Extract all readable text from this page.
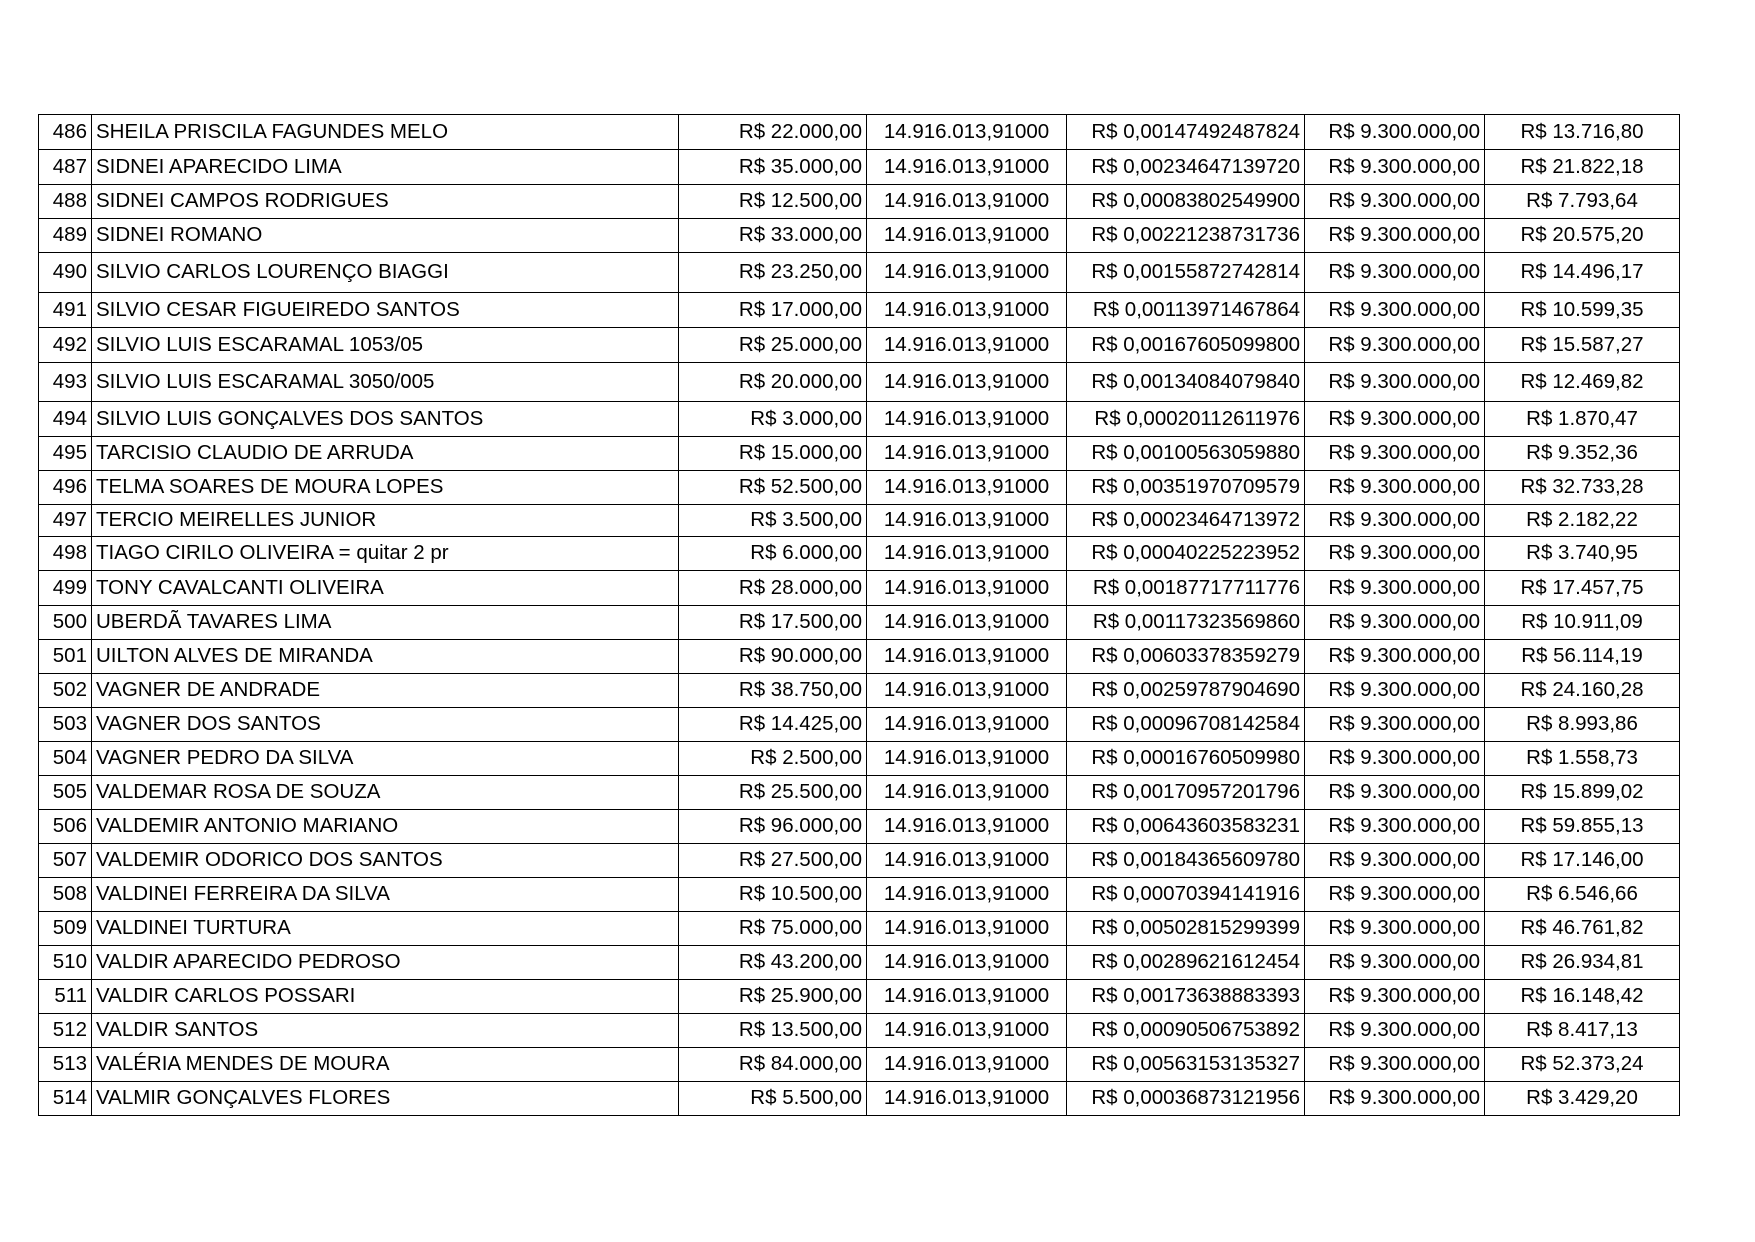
486	SHEILA PRISCILA FAGUNDES MELO	R$ 22.000,00	14.916.013,91000	R$ 0,00147492487824	R$ 9.300.000,00	R$ 13.716,80
487	SIDNEI APARECIDO LIMA	R$ 35.000,00	14.916.013,91000	R$ 0,00234647139720	R$ 9.300.000,00	R$ 21.822,18
488	SIDNEI CAMPOS RODRIGUES	R$ 12.500,00	14.916.013,91000	R$ 0,00083802549900	R$ 9.300.000,00	R$ 7.793,64
489	SIDNEI ROMANO	R$ 33.000,00	14.916.013,91000	R$ 0,00221238731736	R$ 9.300.000,00	R$ 20.575,20
490	SILVIO CARLOS LOURENÇO BIAGGI	R$ 23.250,00	14.916.013,91000	R$ 0,00155872742814	R$ 9.300.000,00	R$ 14.496,17
491	SILVIO CESAR FIGUEIREDO SANTOS	R$ 17.000,00	14.916.013,91000	R$ 0,00113971467864	R$ 9.300.000,00	R$ 10.599,35
492	SILVIO LUIS ESCARAMAL 1053/05	R$ 25.000,00	14.916.013,91000	R$ 0,00167605099800	R$ 9.300.000,00	R$ 15.587,27
493	SILVIO LUIS ESCARAMAL 3050/005	R$ 20.000,00	14.916.013,91000	R$ 0,00134084079840	R$ 9.300.000,00	R$ 12.469,82
494	SILVIO LUIS GONÇALVES DOS SANTOS	R$ 3.000,00	14.916.013,91000	R$ 0,00020112611976	R$ 9.300.000,00	R$ 1.870,47
495	TARCISIO CLAUDIO DE ARRUDA	R$ 15.000,00	14.916.013,91000	R$ 0,00100563059880	R$ 9.300.000,00	R$ 9.352,36
496	TELMA SOARES DE MOURA LOPES	R$ 52.500,00	14.916.013,91000	R$ 0,00351970709579	R$ 9.300.000,00	R$ 32.733,28
497	TERCIO MEIRELLES JUNIOR	R$ 3.500,00	14.916.013,91000	R$ 0,00023464713972	R$ 9.300.000,00	R$ 2.182,22
498	TIAGO CIRILO OLIVEIRA = quitar 2 pr	R$ 6.000,00	14.916.013,91000	R$ 0,00040225223952	R$ 9.300.000,00	R$ 3.740,95
499	TONY CAVALCANTI OLIVEIRA	R$ 28.000,00	14.916.013,91000	R$ 0,00187717711776	R$ 9.300.000,00	R$ 17.457,75
500	UBERDÃ TAVARES LIMA	R$ 17.500,00	14.916.013,91000	R$ 0,00117323569860	R$ 9.300.000,00	R$ 10.911,09
501	UILTON ALVES DE MIRANDA	R$ 90.000,00	14.916.013,91000	R$ 0,00603378359279	R$ 9.300.000,00	R$ 56.114,19
502	VAGNER DE ANDRADE	R$ 38.750,00	14.916.013,91000	R$ 0,00259787904690	R$ 9.300.000,00	R$ 24.160,28
503	VAGNER DOS SANTOS	R$ 14.425,00	14.916.013,91000	R$ 0,00096708142584	R$ 9.300.000,00	R$ 8.993,86
504	VAGNER PEDRO DA SILVA	R$ 2.500,00	14.916.013,91000	R$ 0,00016760509980	R$ 9.300.000,00	R$ 1.558,73
505	VALDEMAR ROSA DE SOUZA	R$ 25.500,00	14.916.013,91000	R$ 0,00170957201796	R$ 9.300.000,00	R$ 15.899,02
506	VALDEMIR ANTONIO MARIANO	R$ 96.000,00	14.916.013,91000	R$ 0,00643603583231	R$ 9.300.000,00	R$ 59.855,13
507	VALDEMIR ODORICO DOS SANTOS	R$ 27.500,00	14.916.013,91000	R$ 0,00184365609780	R$ 9.300.000,00	R$ 17.146,00
508	VALDINEI FERREIRA DA SILVA	R$ 10.500,00	14.916.013,91000	R$ 0,00070394141916	R$ 9.300.000,00	R$ 6.546,66
509	VALDINEI TURTURA	R$ 75.000,00	14.916.013,91000	R$ 0,00502815299399	R$ 9.300.000,00	R$ 46.761,82
510	VALDIR APARECIDO PEDROSO	R$ 43.200,00	14.916.013,91000	R$ 0,00289621612454	R$ 9.300.000,00	R$ 26.934,81
511	VALDIR CARLOS POSSARI	R$ 25.900,00	14.916.013,91000	R$ 0,00173638883393	R$ 9.300.000,00	R$ 16.148,42
512	VALDIR SANTOS	R$ 13.500,00	14.916.013,91000	R$ 0,00090506753892	R$ 9.300.000,00	R$ 8.417,13
513	VALÉRIA MENDES DE MOURA	R$ 84.000,00	14.916.013,91000	R$ 0,00563153135327	R$ 9.300.000,00	R$ 52.373,24
514	VALMIR GONÇALVES FLORES	R$ 5.500,00	14.916.013,91000	R$ 0,00036873121956	R$ 9.300.000,00	R$ 3.429,20
